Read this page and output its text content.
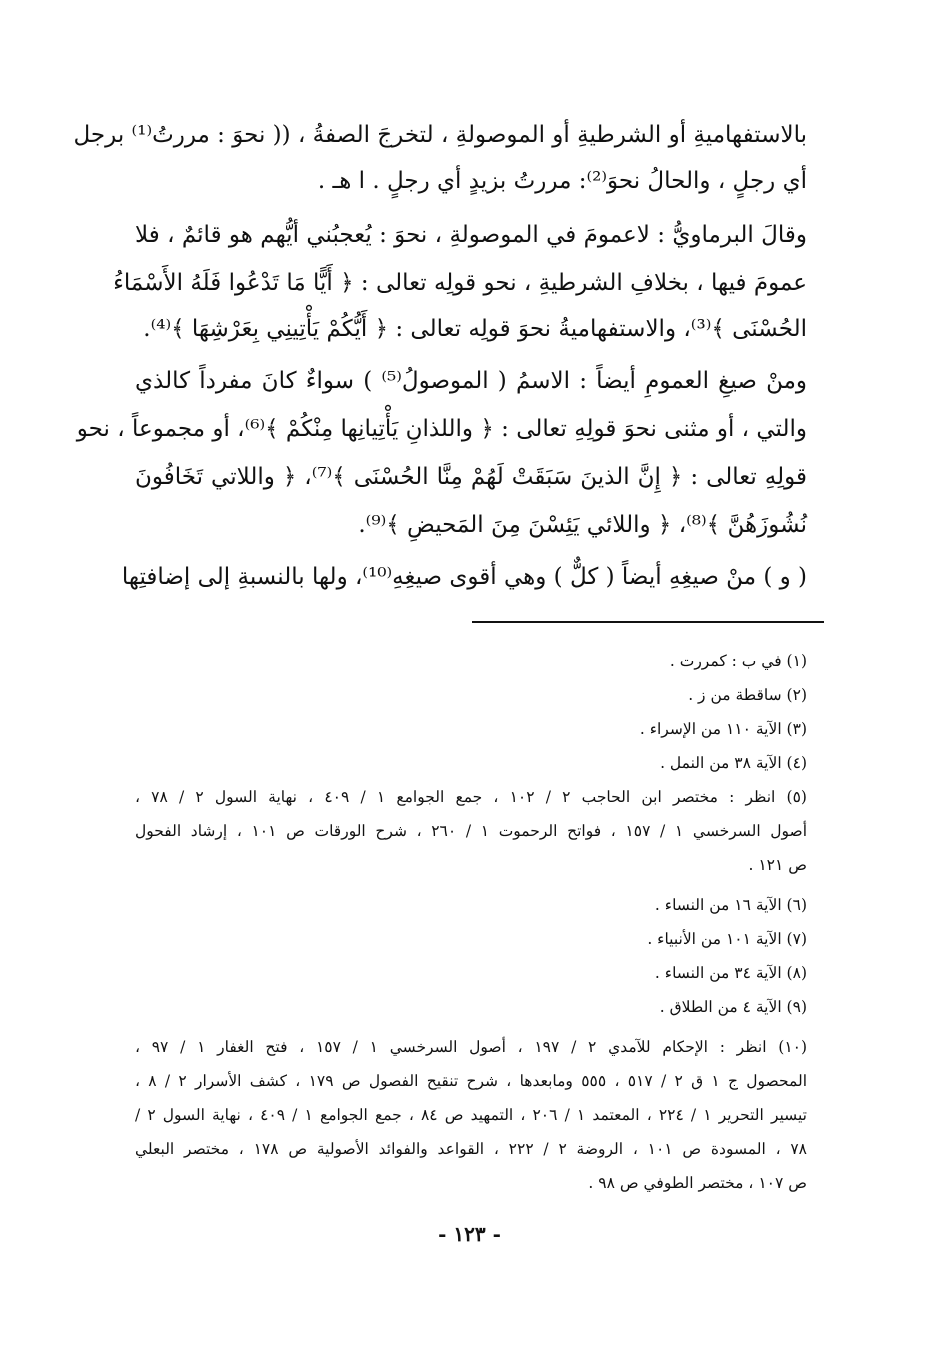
بالاستفهاميةِ أو الشرطيةِ أو الموصولةِ ، لتخرجَ الصفةُ ، (( نحوَ : مررتُ⁽¹⁾ برجل
أي رجلٍ ، والحالُ نحوَ⁽²⁾: مررتُ بزيدٍ أي رجلٍ . ا هـ .
وقالَ البرماويُّ : لاعمومَ في الموصولةِ ، نحوَ : يُعجبُني أيُّهم هو قائمٌ ، فلا
عمومَ فيها ، بخلافِ الشرطيةِ ، نحو قولِه تعالى : ﴿ أَيًّا مَا تَدْعُوا فَلَهُ الأَسْمَاءُ
الحُسْنَى ﴾⁽³⁾، والاستفهاميةُ نحوَ قولِه تعالى : ﴿ أَيُّكُمْ يَأْتِينِي بِعَرْشِهَا ﴾⁽⁴⁾.
ومنْ صيغِ العمومِ أيضاً : الاسمُ ( الموصولُ⁽⁵⁾ ) سواءٌ كانَ مفرداً كالذي
والتي ، أو مثنى نحوَ قولِهِ تعالى : ﴿ واللذانِ يَأْتِيانِها مِنْكُمْ ﴾⁽⁶⁾، أو مجموعاً ، نحو
قولِهِ تعالى : ﴿ إِنَّ الذينَ سَبَقَتْ لَهُمْ مِنَّا الحُسْنَى ﴾⁽⁷⁾، ﴿ واللاتي تَخَافُونَ
نُشُوزَهُنَّ ﴾⁽⁸⁾، ﴿ واللائي يَئِسْنَ مِنَ المَحيضِ ﴾⁽⁹⁾.
( و ) منْ صيغِهِ أيضاً ( كلٌّ ) وهي أقوى صيغِهِ⁽¹⁰⁾، ولها بالنسبةِ إلى إضافتِها
(١) في ب : كمررت .
(٢) ساقطة من ز .
(٣) الآية ١١٠ من الإسراء .
(٤) الآية ٣٨ من النمل .
(٥) انظر : مختصر ابن الحاجب ٢ / ١٠٢ ، جمع الجوامع ١ / ٤٠٩ ، نهاية السول ٢ / ٧٨ ،
أصول السرخسي ١ / ١٥٧ ، فواتح الرحموت ١ / ٢٦٠ ، شرح الورقات ص ١٠١ ، إرشاد الفحول
ص ١٢١ .
(٦) الآية ١٦ من النساء .
(٧) الآية ١٠١ من الأنبياء .
(٨) الآية ٣٤ من النساء .
(٩) الآية ٤ من الطلاق .
(١٠) انظر : الإحكام للآمدي ٢ / ١٩٧ ، أصول السرخسي ١ / ١٥٧ ، فتح الغفار ١ / ٩٧ ،
المحصول ج ١ ق ٢ / ٥١٧ ، ٥٥٥ ومابعدها ، شرح تنقيح الفصول ص ١٧٩ ، كشف الأسرار ٢ / ٨ ،
تيسير التحرير ١ / ٢٢٤ ، المعتمد ١ / ٢٠٦ ، التمهيد ص ٨٤ ، جمع الجوامع ١ / ٤٠٩ ، نهاية السول ٢ /
٧٨ ، المسودة ص ١٠١ ، الروضة ٢ / ٢٢٢ ، القواعد والفوائد الأصولية ص ١٧٨ ، مختصر البعلي
ص ١٠٧ ، مختصر الطوفي ص ٩٨ .
- ١٢٣ -
